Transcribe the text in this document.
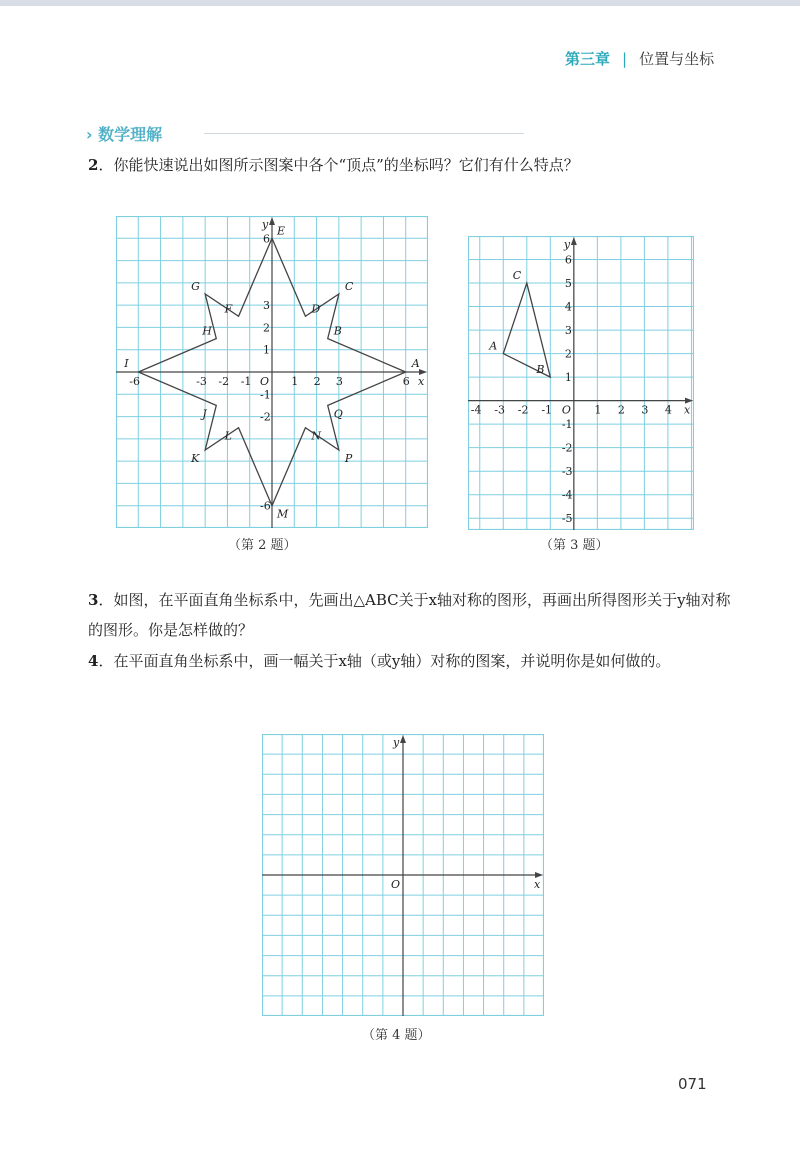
第三章 | 位置与坐标
› 数学理解
2．你能快速说出如图所示图案中各个“顶点”的坐标吗？它们有什么特点？
x
y
O
-6	-3 -2 -1	1 2 3	6
6
3
2
1
-1
-2
-6
A
B
C
D
E
F
G
H
I
J
K
L
M
N
P
Q	x
y
O
-4 -3 -2 -1	1 2 3 4
6
5
4
3
2
1
-1
-2
-3
-4
-5
A
B
C
（第 2 题）	（第 3 题）
3．如图，在平面直角坐标系中，先画出△ABC关于x轴对称的图形，再画出所得图形关于y轴对称的图形。你是怎样做的？
4．在平面直角坐标系中，画一幅关于x轴（或y轴）对称的图案，并说明你是如何做的。
x
y
O
（第 4 题）
071
